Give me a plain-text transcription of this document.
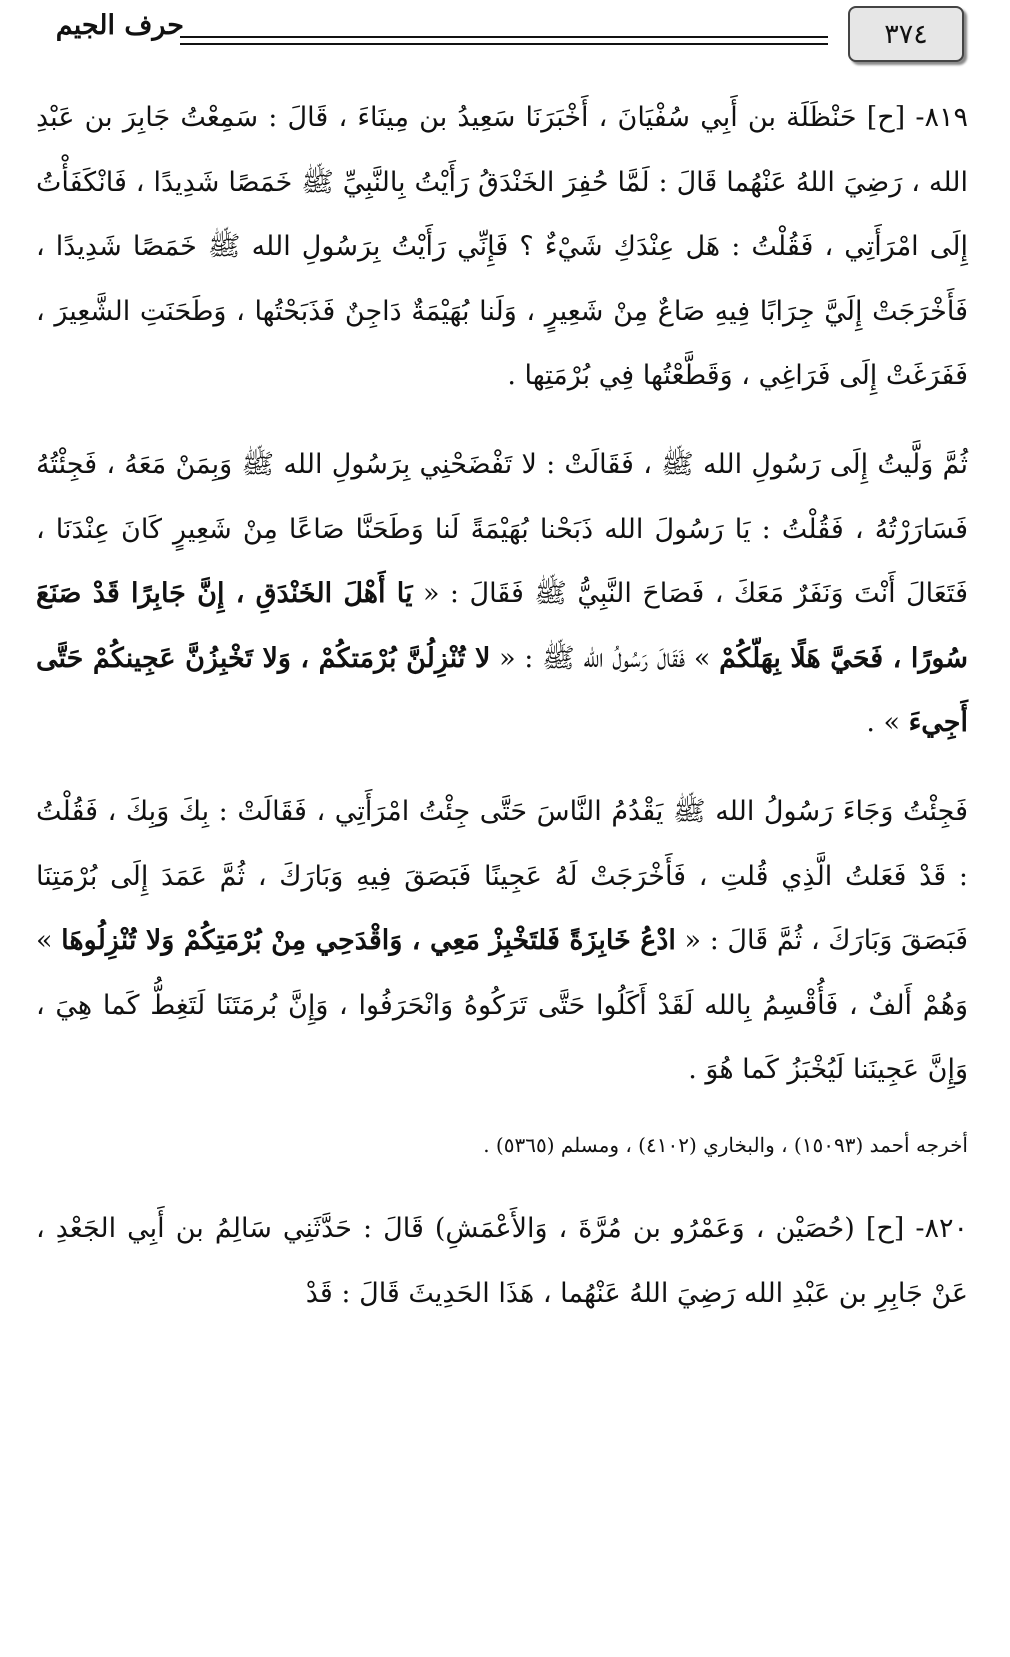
٣٧٤
حرف الجيم

٨١٩- [ح] حَنْظَلَة بن أَبِي سُفْيَانَ ، أَخْبَرَنَا سَعِيدُ بن مِينَاءَ ، قَالَ : سَمِعْتُ جَابِرَ بن عَبْدِ الله ، رَضِيَ اللهُ عَنْهُما قَالَ : لَمَّا حُفِرَ الخَنْدَقُ رَأَيْتُ بِالنَّبِيِّ ﷺ خَمَصًا شَدِيدًا ، فَانْكَفَأْتُ إِلَى امْرَأَتِي ، فَقُلْتُ : هَل عِنْدَكِ شَيْءٌ ؟ فَإِنِّي رَأَيْتُ بِرَسُولِ الله ﷺ خَمَصًا شَدِيدًا ، فَأَخْرَجَتْ إِلَيَّ جِرَابًا فِيهِ صَاعٌ مِنْ شَعِيرٍ ، وَلَنا بُهَيْمَةٌ دَاجِنٌ فَذَبَحْتُها ، وَطَحَنَتِ الشَّعِيرَ ، فَفَرَغَتْ إِلَى فَرَاغِي ، وَقَطَّعْتُها فِي بُرْمَتِها .

ثُمَّ وَلَّيتُ إِلَى رَسُولِ الله ﷺ ، فَقَالَتْ : لا تَفْضَحْنِي بِرَسُولِ الله ﷺ وَبِمَنْ مَعَهُ ، فَجِئْتُهُ فَسَارَرْتُهُ ، فَقُلْتُ : يَا رَسُولَ الله ذَبَحْنا بُهَيْمَةً لَنا وَطَحَنَّا صَاعًا مِنْ شَعِيرٍ كَانَ عِنْدَنَا ، فَتَعَالَ أَنْتَ وَنَفَرٌ مَعَكَ ، فَصَاحَ النَّبِيُّ ﷺ فَقَالَ : « يَا أَهْلَ الخَنْدَقِ ، إِنَّ جَابِرًا قَدْ صَنَعَ سُورًا ، فَحَيَّ هَلًا بِهَلّكُمْ » فَقَالَ رَسُولُ الله ﷺ : « لا تُنْزِلُنَّ بُرْمَتكُمْ ، وَلا تَخْبِزُنَّ عَجِينكُمْ حَتَّى أَجِيءَ » .

فَجِئْتُ وَجَاءَ رَسُولُ الله ﷺ يَقْدُمُ النَّاسَ حَتَّى جِئْتُ امْرَأَتِي ، فَقَالَتْ : بِكَ وَبِكَ ، فَقُلْتُ : قَدْ فَعَلتُ الَّذِي قُلتِ ، فَأَخْرَجَتْ لَهُ عَجِينًا فَبَصَقَ فِيهِ وَبَارَكَ ، ثُمَّ عَمَدَ إِلَى بُرْمَتِنَا فَبَصَقَ وَبَارَكَ ، ثُمَّ قَالَ : « ادْعُ خَابِزَةً فَلتَخْبِزْ مَعِي ، وَاقْدَحِي مِنْ بُرْمَتِكُمْ وَلا تُنْزِلُوهَا » وَهُمْ أَلفٌ ، فَأُقْسِمُ بِالله لَقَدْ أَكَلُوا حَتَّى تَرَكُوهُ وَانْحَرَفُوا ، وَإِنَّ بُرمَتَنَا لَتَغِطُّ كَما هِيَ ، وَإِنَّ عَجِينَنا لَيُخْبَزُ كَما هُوَ .

أخرجه أحمد (١٥٠٩٣) ، والبخاري (٤١٠٢) ، ومسلم (٥٣٦٥) .

٨٢٠- [ح] (حُصَيْن ، وَعَمْرُو بن مُرَّةَ ، وَالأَعْمَشِ) قَالَ : حَدَّثَنِي سَالِمُ بن أَبِي الجَعْدِ ، عَنْ جَابِرِ بن عَبْدِ الله رَضِيَ اللهُ عَنْهُما ، هَذَا الحَدِيثَ قَالَ : قَدْ
